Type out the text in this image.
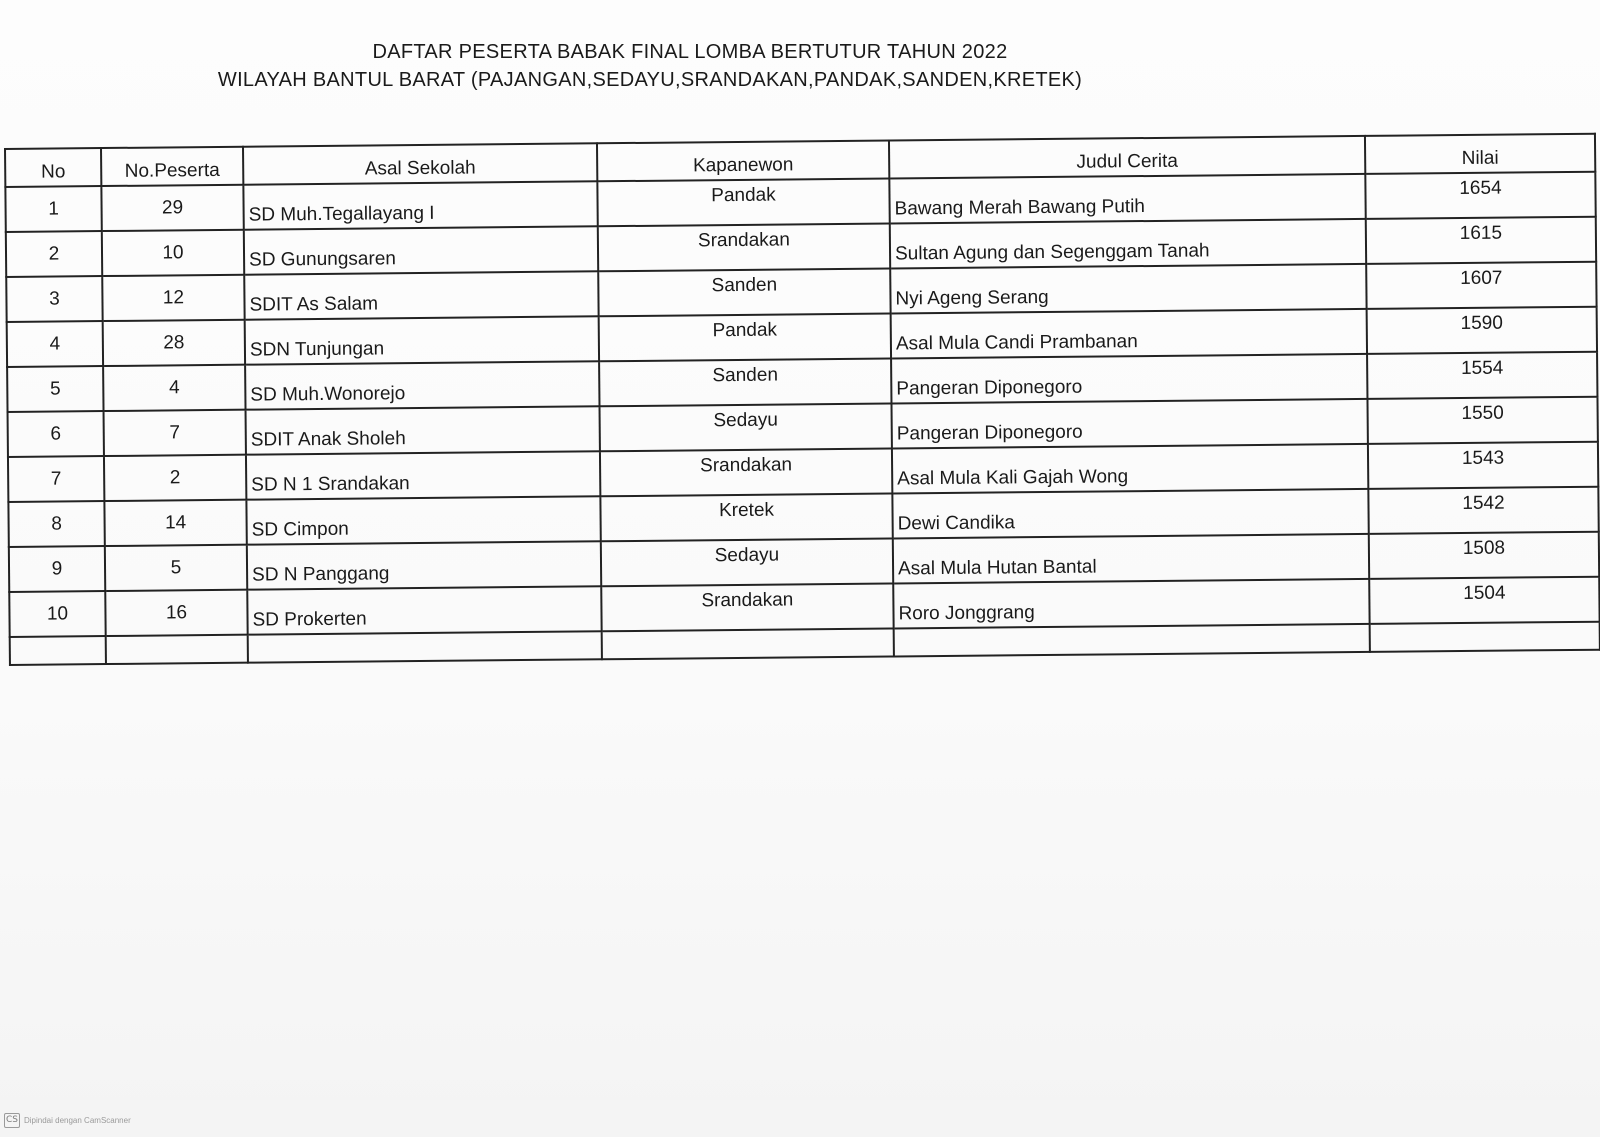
DAFTAR PESERTA BABAK FINAL LOMBA BERTUTUR TAHUN 2022
WILAYAH BANTUL BARAT (PAJANGAN,SEDAYU,SRANDAKAN,PANDAK,SANDEN,KRETEK)
No	No.Peserta	Asal Sekolah	Kapanewon	Judul Cerita	Nilai
1	29	SD Muh.Tegallayang I	Pandak	Bawang Merah Bawang Putih	1654
2	10	SD Gunungsaren	Srandakan	Sultan Agung dan Segenggam Tanah	1615
3	12	SDIT As Salam	Sanden	Nyi Ageng Serang	1607
4	28	SDN Tunjungan	Pandak	Asal Mula Candi Prambanan	1590
5	4	SD Muh.Wonorejo	Sanden	Pangeran Diponegoro	1554
6	7	SDIT Anak Sholeh	Sedayu	Pangeran Diponegoro	1550
7	2	SD N 1 Srandakan	Srandakan	Asal Mula Kali Gajah Wong	1543
8	14	SD Cimpon	Kretek	Dewi Candika	1542
9	5	SD N Panggang	Sedayu	Asal Mula Hutan Bantal	1508
10	16	SD Prokerten	Srandakan	Roro Jonggrang	1504

CS Dipindai dengan CamScanner
